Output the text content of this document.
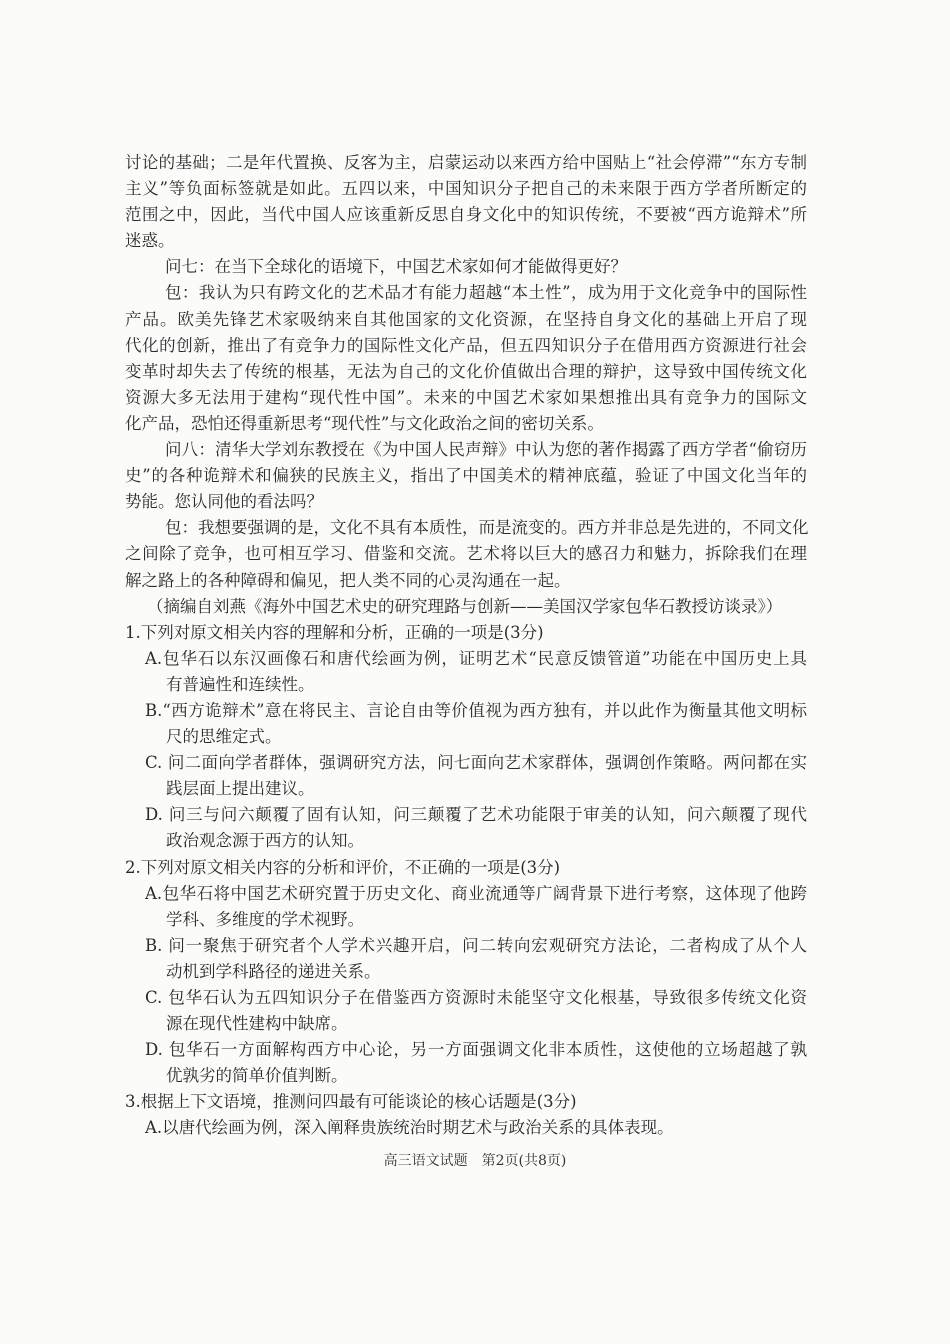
讨论的基础；二是年代置换、反客为主，启蒙运动以来西方给中国贴上“社会停滞”“东方专制
主义”等负面标签就是如此。五四以来，中国知识分子把自己的未来限于西方学者所断定的
范围之中，因此，当代中国人应该重新反思自身文化中的知识传统，不要被“西方诡辩术”所
迷惑。
问七：在当下全球化的语境下，中国艺术家如何才能做得更好？
包：我认为只有跨文化的艺术品才有能力超越“本土性”，成为用于文化竞争中的国际性
产品。欧美先锋艺术家吸纳来自其他国家的文化资源，在坚持自身文化的基础上开启了现
代化的创新，推出了有竞争力的国际性文化产品，但五四知识分子在借用西方资源进行社会
变革时却失去了传统的根基，无法为自己的文化价值做出合理的辩护，这导致中国传统文化
资源大多无法用于建构“现代性中国”。未来的中国艺术家如果想推出具有竞争力的国际文
化产品，恐怕还得重新思考“现代性”与文化政治之间的密切关系。
问八：清华大学刘东教授在《为中国人民声辩》中认为您的著作揭露了西方学者“偷窃历
史”的各种诡辩术和偏狭的民族主义，指出了中国美术的精神底蕴，验证了中国文化当年的
势能。您认同他的看法吗？
包：我想要强调的是，文化不具有本质性，而是流变的。西方并非总是先进的，不同文化
之间除了竞争，也可相互学习、借鉴和交流。艺术将以巨大的感召力和魅力，拆除我们在理
解之路上的各种障碍和偏见，把人类不同的心灵沟通在一起。
（摘编自刘燕《海外中国艺术史的研究理路与创新——美国汉学家包华石教授访谈录》）
1.下列对原文相关内容的理解和分析，正确的一项是(3分)
A.包华石以东汉画像石和唐代绘画为例，证明艺术“民意反馈管道”功能在中国历史上具
有普遍性和连续性。
B.“西方诡辩术”意在将民主、言论自由等价值视为西方独有，并以此作为衡量其他文明标
尺的思维定式。
C. 问二面向学者群体，强调研究方法，问七面向艺术家群体，强调创作策略。两问都在实
践层面上提出建议。
D. 问三与问六颠覆了固有认知，问三颠覆了艺术功能限于审美的认知，问六颠覆了现代
政治观念源于西方的认知。
2.下列对原文相关内容的分析和评价，不正确的一项是(3分)
A.包华石将中国艺术研究置于历史文化、商业流通等广阔背景下进行考察，这体现了他跨
学科、多维度的学术视野。
B. 问一聚焦于研究者个人学术兴趣开启，问二转向宏观研究方法论，二者构成了从个人
动机到学科路径的递进关系。
C. 包华石认为五四知识分子在借鉴西方资源时未能坚守文化根基，导致很多传统文化资
源在现代性建构中缺席。
D. 包华石一方面解构西方中心论，另一方面强调文化非本质性，这使他的立场超越了孰
优孰劣的简单价值判断。
3.根据上下文语境，推测问四最有可能谈论的核心话题是(3分)
A.以唐代绘画为例，深入阐释贵族统治时期艺术与政治关系的具体表现。
高三语文试题　第2页(共8页)
